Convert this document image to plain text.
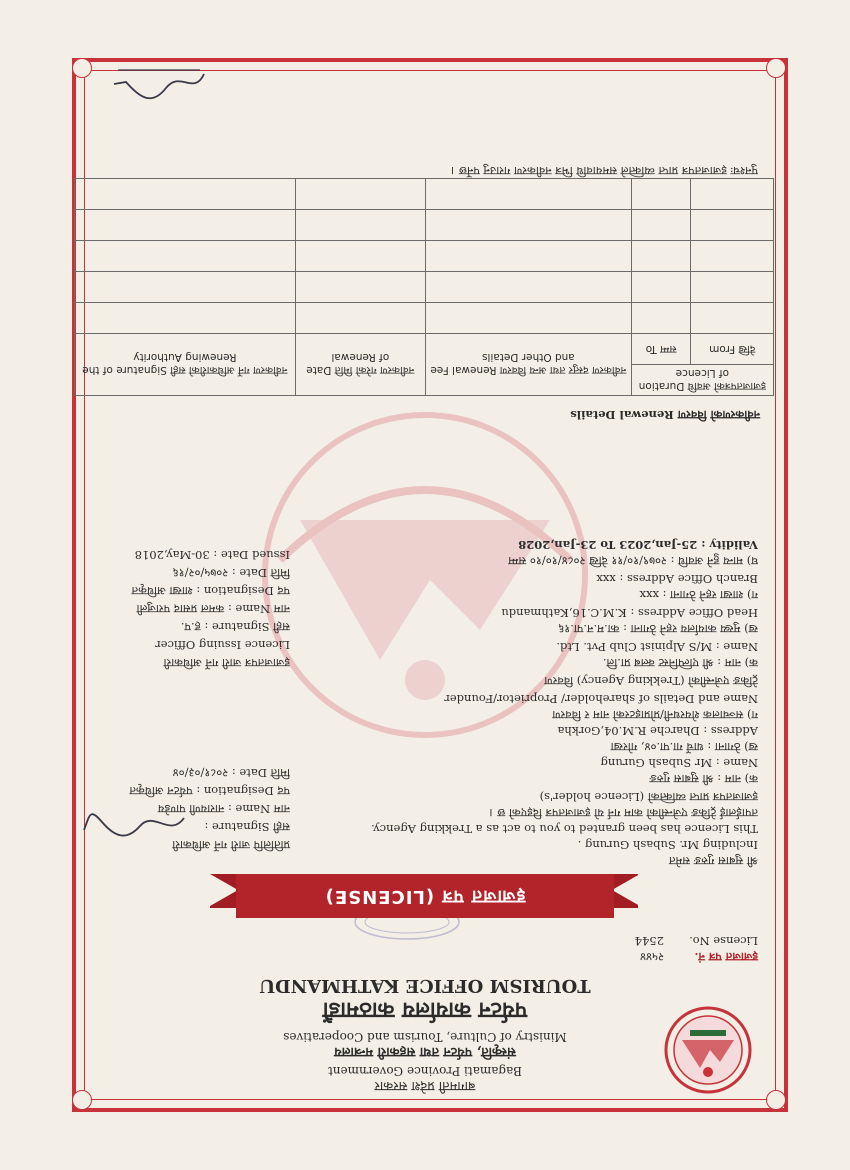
बागमती प्रदेश सरकार
Bagamati Province Government
संस्कृति, पर्यटन तथा सहकारी मन्त्रालय
Ministry of Culture, Tourism and Cooperatives
पर्यटन कार्यालय काठमाडौं
TOURISM OFFICE KATHMANDU
इजाजत पत्र नं.
License No.
२५४४
2544
इजाजत पत्र (LICENSE)
श्री सुबास गुरुङ समेत
Including Mr. Subash Gurung .
This Licence has been granted to you to act as a Trekking Agency.
तपाईलाई ट्रेकिङ एजेन्सीको काम गर्न यो इजाजतपत्र दिइएको छ ।
इजाजतपत्र प्राप्त व्यक्तिको (Licence holder's)
क) नाम : श्री सुबास गुरुङ
Name : Mr Subash Gurung
ख) ठेगाना : धार्चे गा.पा.०४, गोरखा
Address : Dharche R.M.04,Gorkha
ग) सञ्चालक शेयरधनी/प्रोप्राइटरको नाम र विवरण
Name and Details of shareholder/ Proprietor/Founder
ट्रेकिङ एजेन्सीको (Trekking Agency) विवरण
क) नाम : श्री एल्पिनिस्ट क्लब प्रा.लि.
Name : M/S Alpinist Club Pvt. Ltd.
ख) मुख्य कार्यालय रहने ठेगाना : का.म.न.पा.१६
Head Office Address : K.M.C.16,Kathmandu
ग) शाखा रहने ठेगाना : xxx
Branch Office Address : xxx
घ) मान्य हुने अवधि : २०७९/१०/११ देखि २०८४/१०/१० सम्म
Validity : 25-Jan,2023 To 23-Jan,2028
प्रतिलिपि जारी गर्ने अधिकारी
सही Signature :
नाम Name : नारायणी पाण्डेय
पद Designation : पर्यटन अधिकृत
मिति Date : २०८१/०३/०४
इजाजतपत्र जारी गर्ने अधिकारी
Licence Issuing Officer
सही Signature : ह.प.
नाम Name : कमल प्रसाद पराजुली
पद Designation : शाखा अधिकृत
मिति Date : २०७५/०२/१६
Issued Date : 30-May,2018
नवीकरणको विवरण Renewal Details
इजाजतपत्रको अवधि Duration of Licence		नवीकरण दस्तुर तथा अन्य विवरण Renewal Fee and Other Details	नवीकरण गरेको मिति Date of Renewal	नवीकरण गर्ने अधिकारीको सही Signature of the Renewing Authority
देखि From	सम्म To			

पुनश्चः इजाजतपत्र प्राप्त व्यक्तिले समयावधि भित्र नवीकरण गराउनु पर्नेछ ।
